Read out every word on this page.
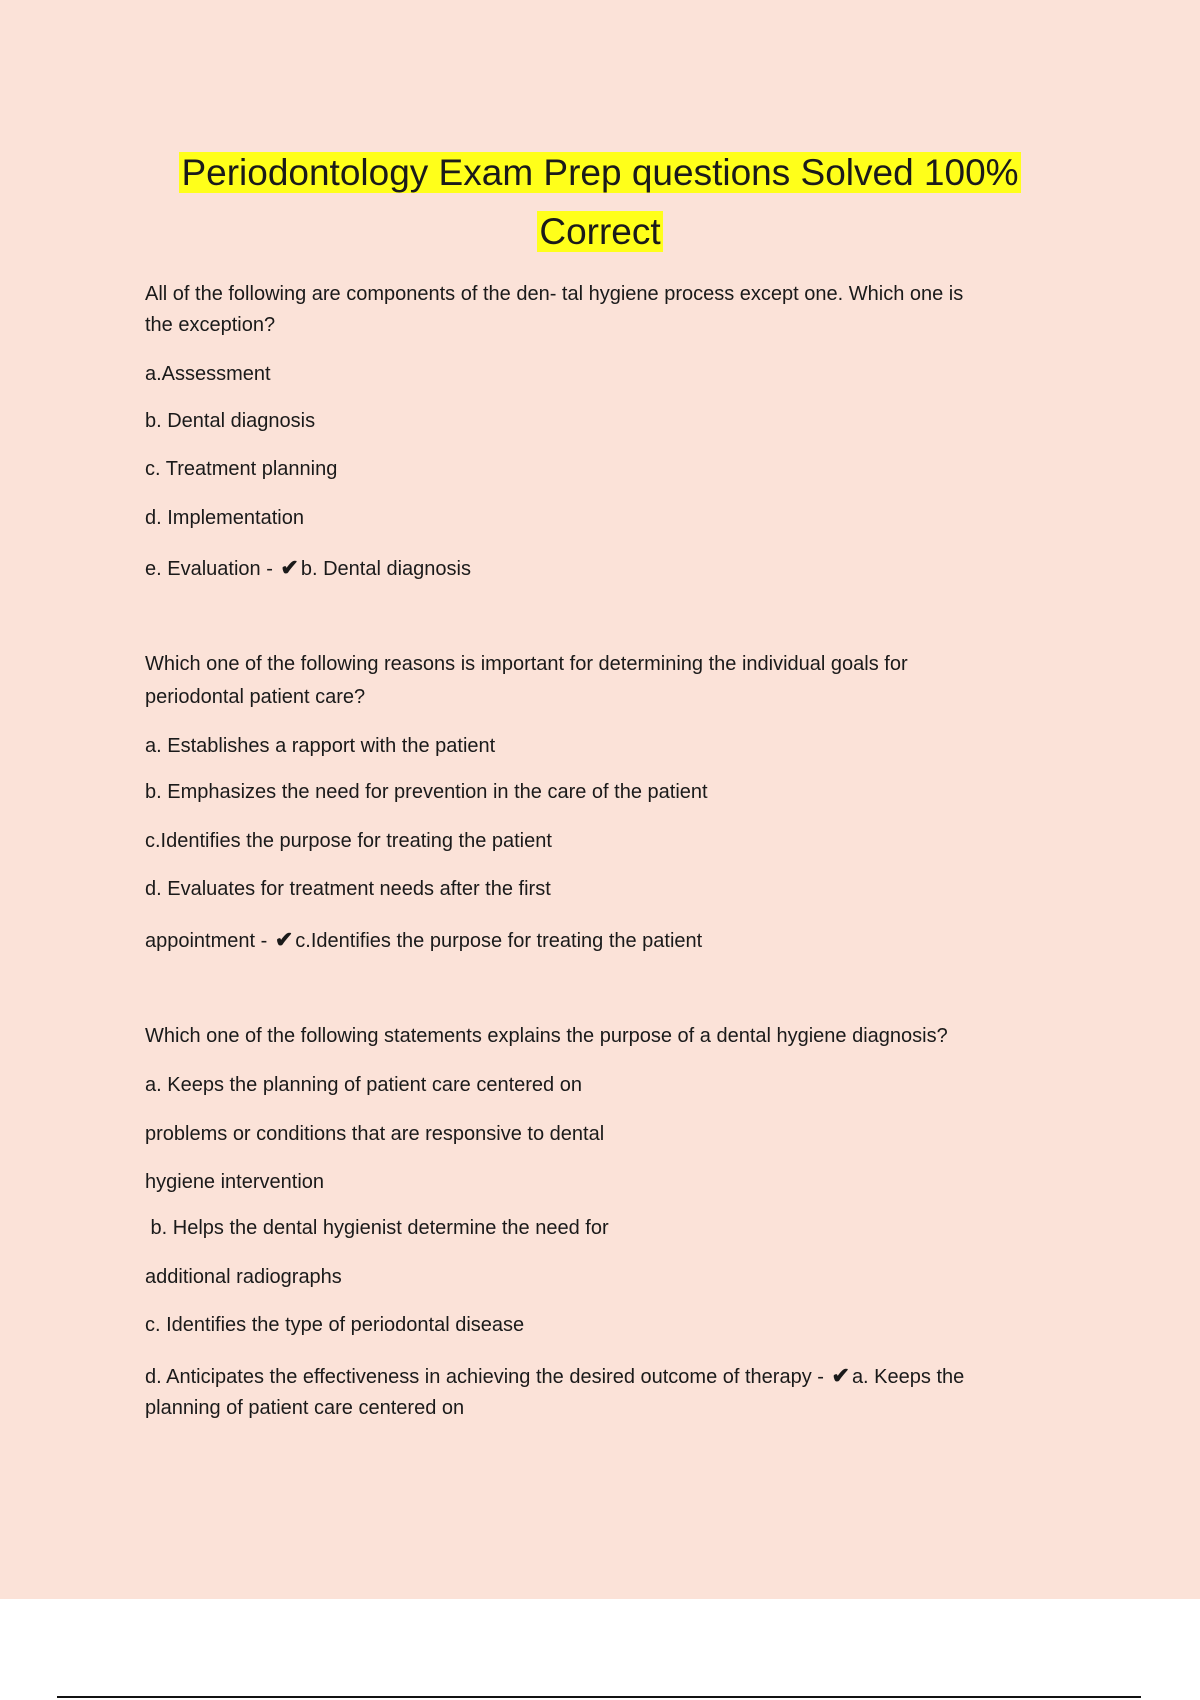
Periodontology Exam Prep questions Solved 100%
Correct
All of the following are components of the den- tal hygiene process except one. Which one is
the exception?
a.Assessment
b. Dental diagnosis
c. Treatment planning
d. Implementation
e. Evaluation - ✔ b. Dental diagnosis
Which one of the following reasons is important for determining the individual goals for
periodontal patient care?
a. Establishes a rapport with the patient
b. Emphasizes the need for prevention in the care of the patient
c.Identifies the purpose for treating the patient
d. Evaluates for treatment needs after the first
appointment - ✔ c.Identifies the purpose for treating the patient
Which one of the following statements explains the purpose of a dental hygiene diagnosis?
a. Keeps the planning of patient care centered on
problems or conditions that are responsive to dental
hygiene intervention
b. Helps the dental hygienist determine the need for
additional radiographs
c. Identifies the type of periodontal disease
d. Anticipates the effectiveness in achieving the desired outcome of therapy - ✔ a. Keeps the
planning of patient care centered on
